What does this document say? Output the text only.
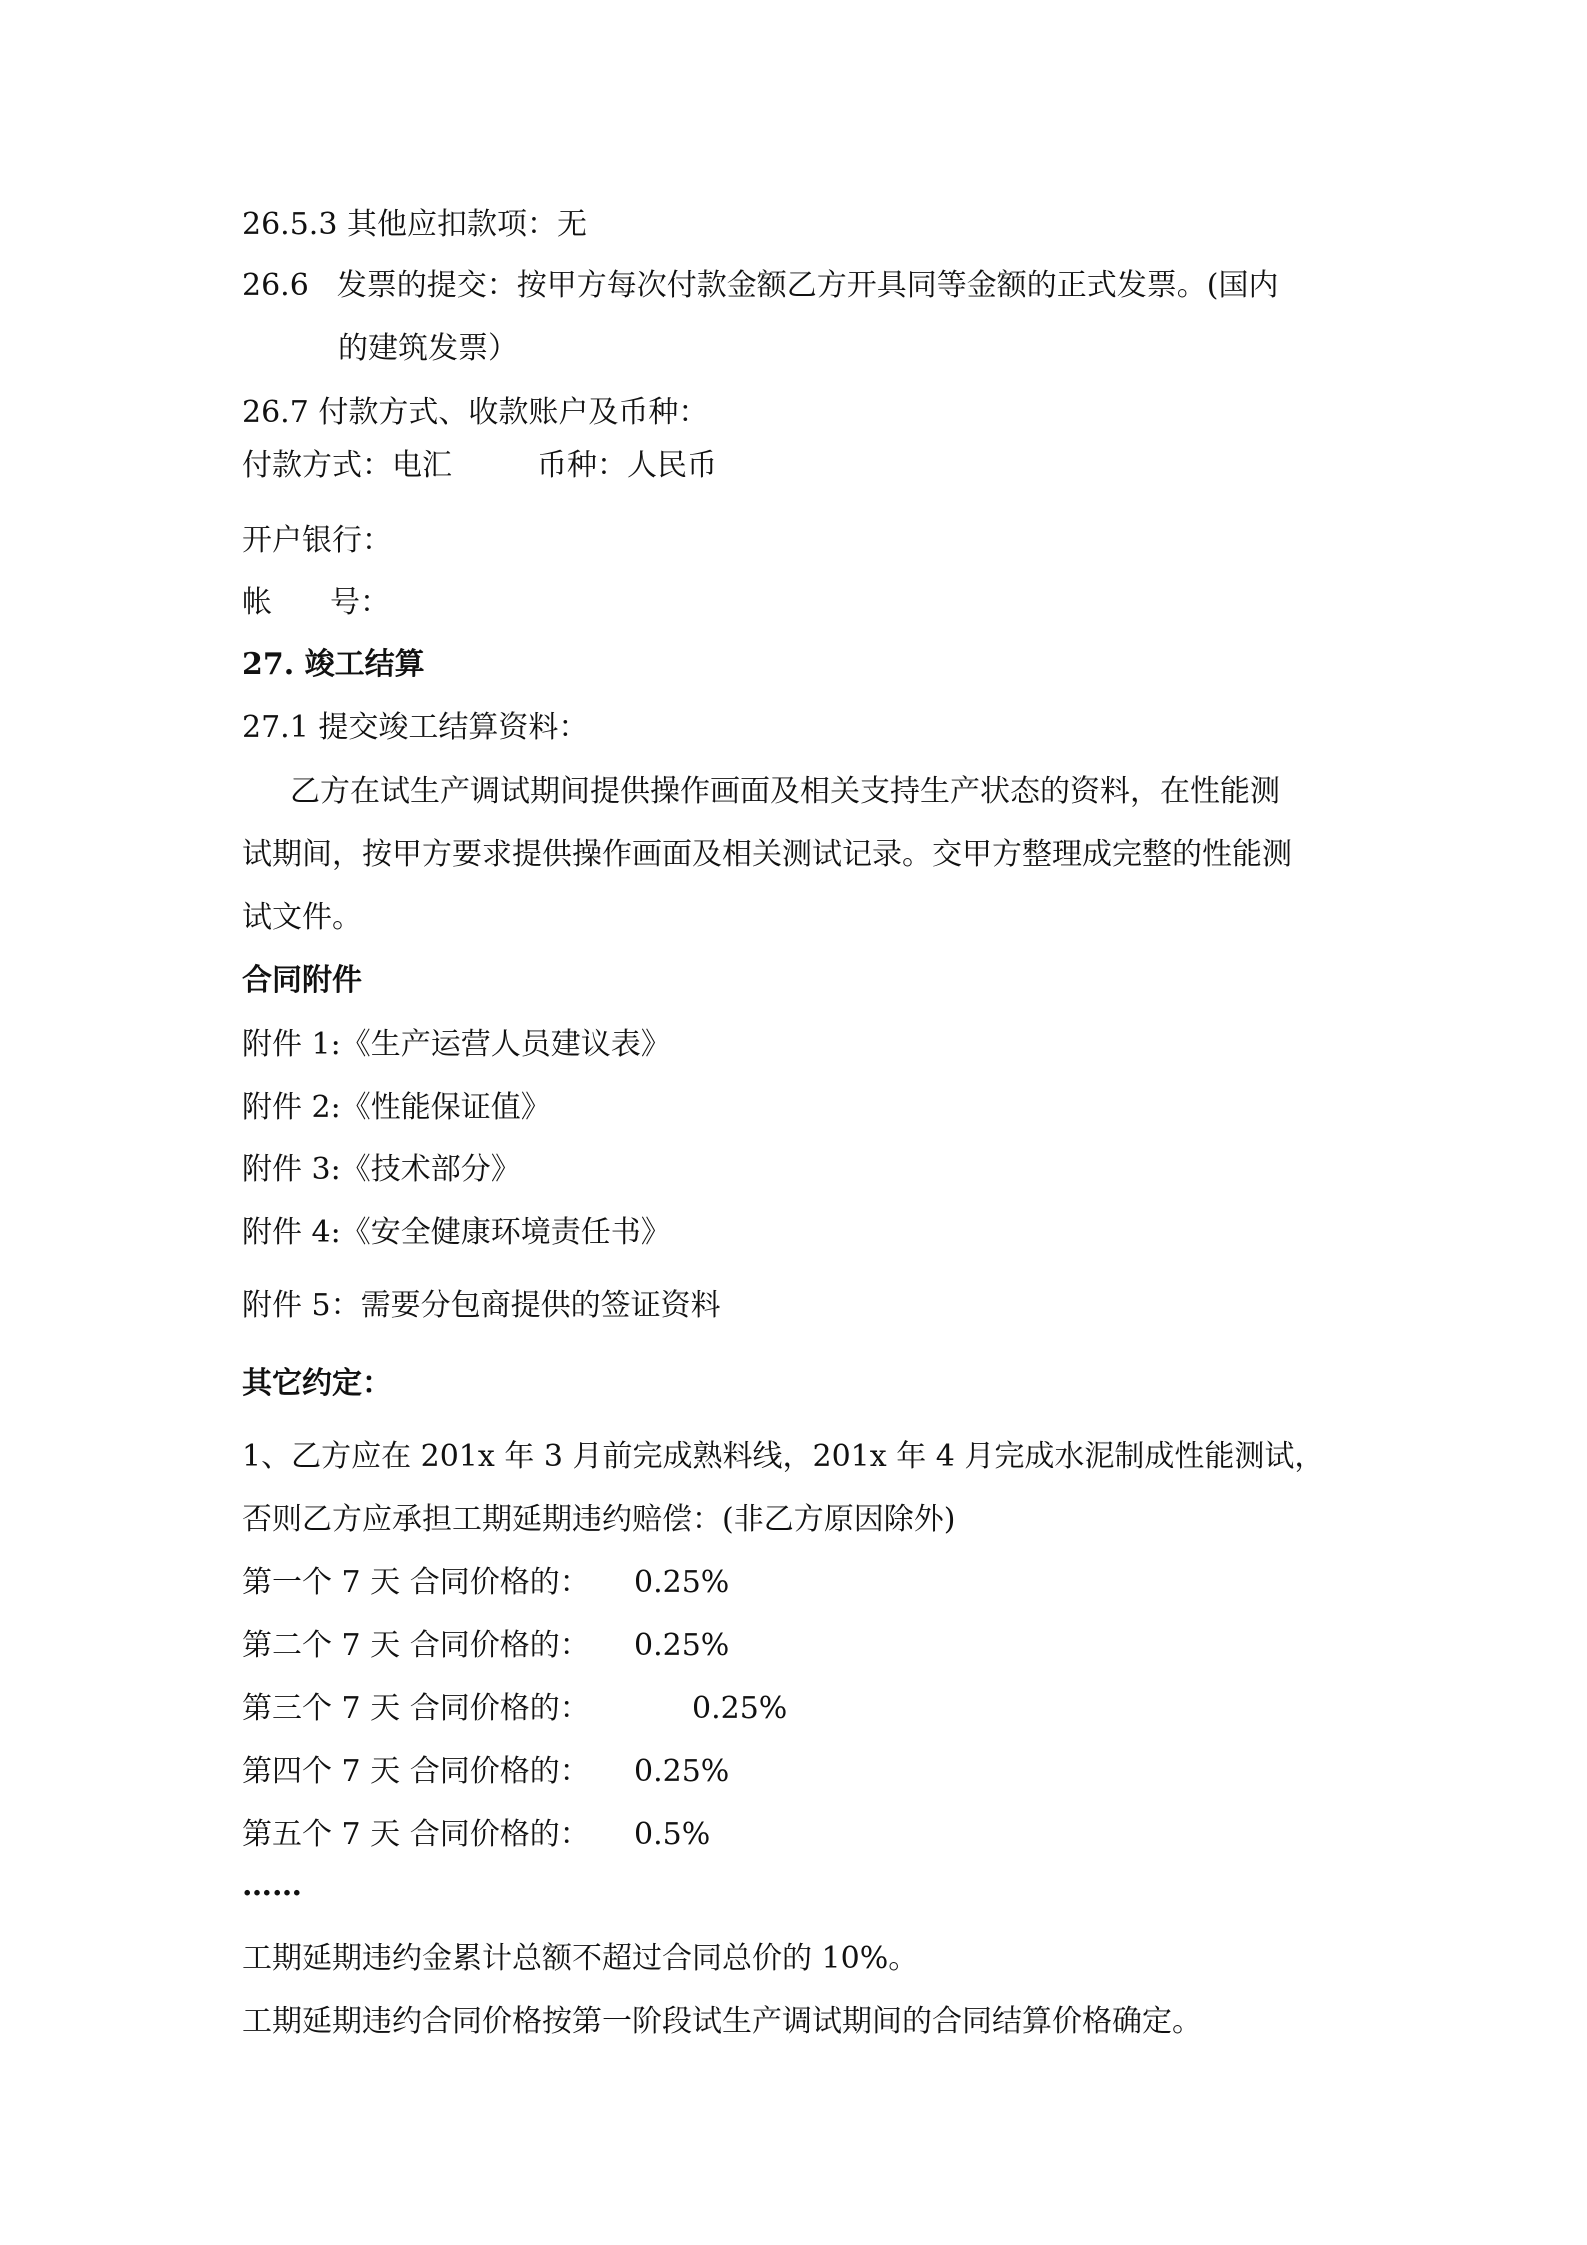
26.5.3 其他应扣款项：无
26.6 发票的提交：按甲方每次付款金额乙方开具同等金额的正式发票。(国内
的建筑发票）
26.7 付款方式、收款账户及币种：
付款方式：电汇	币种：人民币
开户银行：
帐 号：
27. 竣工结算
27.1 提交竣工结算资料：
乙方在试生产调试期间提供操作画面及相关支持生产状态的资料，在性能测
试期间，按甲方要求提供操作画面及相关测试记录。交甲方整理成完整的性能测
试文件。
合同附件
附件 1:《生产运营人员建议表》
附件 2:《性能保证值》
附件 3:《技术部分》
附件 4:《安全健康环境责任书》
附件 5：需要分包商提供的签证资料
其它约定：
1、乙方应在 201x 年 3 月前完成熟料线，201x 年 4 月完成水泥制成性能测试，
否则乙方应承担工期延期违约赔偿：(非乙方原因除外)
第一个 7 天 合同价格的： 0.25%
第二个 7 天 合同价格的： 0.25%
第三个 7 天 合同价格的：	0.25%
第四个 7 天 合同价格的： 0.25%
第五个 7 天 合同价格的： 0.5%
……
工期延期违约金累计总额不超过合同总价的 10%。
工期延期违约合同价格按第一阶段试生产调试期间的合同结算价格确定。
